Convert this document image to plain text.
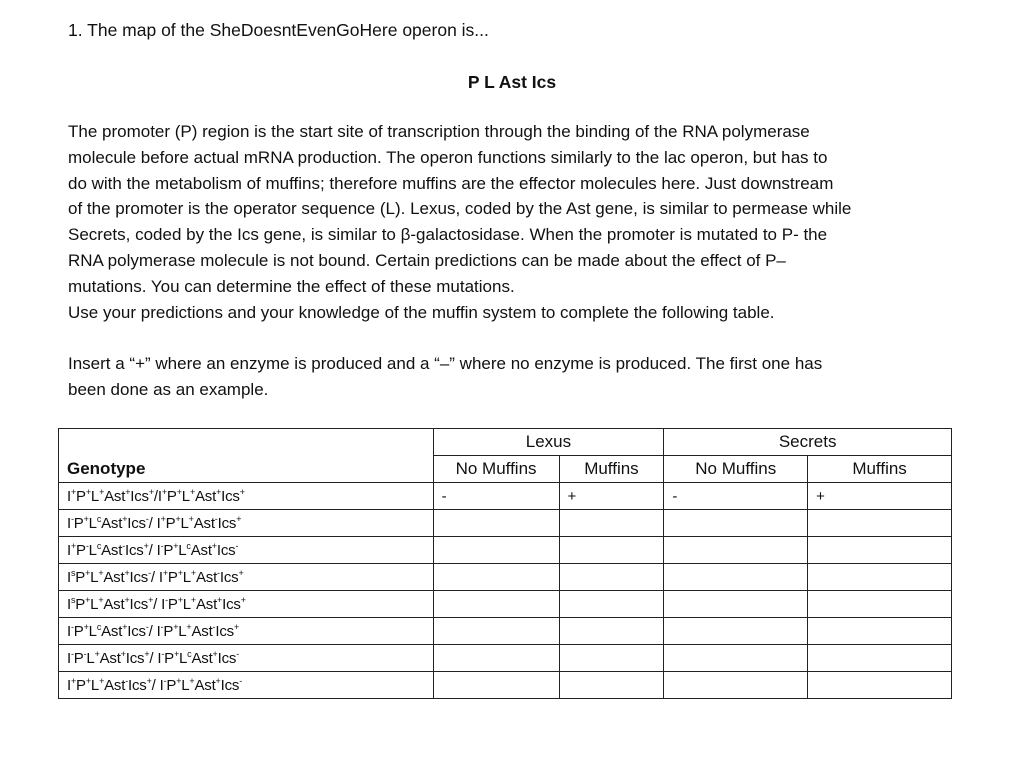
1. The map of the SheDoesntEvenGoHere operon is...
P L Ast Ics
The promoter (P) region is the start site of transcription through the binding of the RNA polymerase
molecule before actual mRNA production. The operon functions similarly to the lac operon, but has to
do with the metabolism of muffins; therefore muffins are the effector molecules here. Just downstream
of the promoter is the operator sequence (L). Lexus, coded by the Ast gene, is similar to permease while
Secrets, coded by the Ics gene, is similar to β-galactosidase. When the promoter is mutated to P- the
RNA polymerase molecule is not bound. Certain predictions can be made about the effect of P–
mutations. You can determine the effect of these mutations.
Use your predictions and your knowledge of the muffin system to complete the following table.
Insert a “+” where an enzyme is produced and a “–” where no enzyme is produced. The first one has
been done as an example.
	Lexus		Secrets	
Genotype	No Muffins	Muffins	No Muffins	Muffins
I+P+L+Ast+Ics+/I+P+L+Ast+Ics+	-	+	-	+
$I^-P^+L^cAst^+Ics^-/$ I+P+L+Ast-Ics+				
$I^+P^-L^cAst^-Ics^+/$ $I^-P^+L^cAst^+Ics^-$				
$I^sP^+L^+Ast^+Ics^-/$ I+P+L+Ast-Ics+				
$I^sP^+L^+Ast^+Ics^+/$ I-P+L+Ast+Ics+				
$I^-P^+L^cAst^+Ics^-/$ I-P+L+Ast-Ics+				
I-P-L+Ast+Ics+/ $I^-P^+L^cAst^+Ics^-$				
I+P+L+Ast-Ics+/ I-P+L+Ast+Ics-				
